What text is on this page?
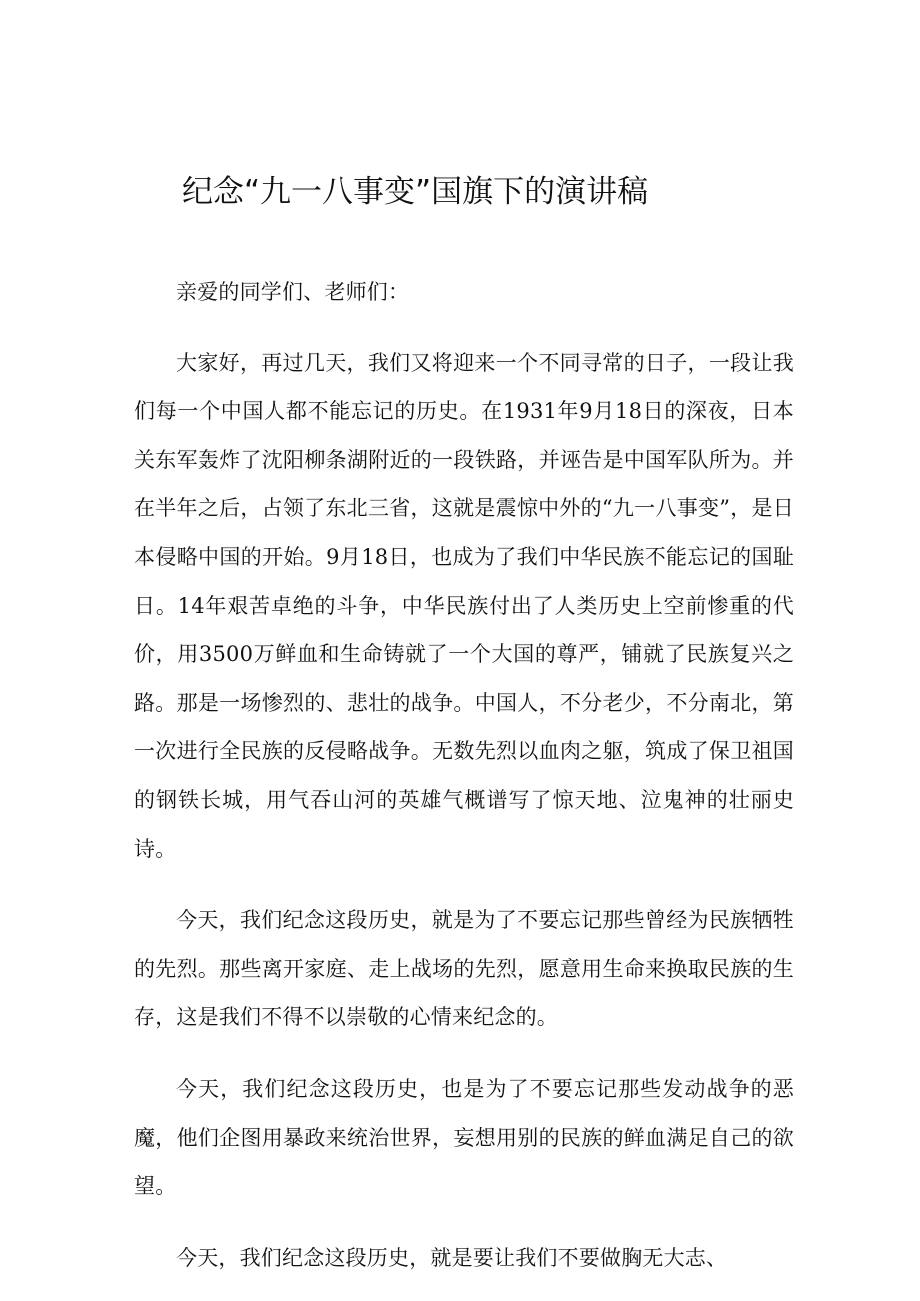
纪念“九一八事变”国旗下的演讲稿

亲爱的同学们、老师们：

大家好，再过几天，我们又将迎来一个不同寻常的日子，一段让我们每一个中国人都不能忘记的历史。在1931年9月18日的深夜，日本关东军轰炸了沈阳柳条湖附近的一段铁路，并诬告是中国军队所为。并在半年之后，占领了东北三省，这就是震惊中外的“九一八事变”，是日本侵略中国的开始。9月18日，也成为了我们中华民族不能忘记的国耻日。14年艰苦卓绝的斗争，中华民族付出了人类历史上空前惨重的代价，用3500万鲜血和生命铸就了一个大国的尊严，铺就了民族复兴之路。那是一场惨烈的、悲壮的战争。中国人，不分老少，不分南北，第一次进行全民族的反侵略战争。无数先烈以血肉之躯，筑成了保卫祖国的钢铁长城，用气吞山河的英雄气概谱写了惊天地、泣鬼神的壮丽史诗。

今天，我们纪念这段历史，就是为了不要忘记那些曾经为民族牺牲的先烈。那些离开家庭、走上战场的先烈，愿意用生命来换取民族的生存，这是我们不得不以崇敬的心情来纪念的。

今天，我们纪念这段历史，也是为了不要忘记那些发动战争的恶魔，他们企图用暴政来统治世界，妄想用别的民族的鲜血满足自己的欲望。

今天，我们纪念这段历史，就是要让我们不要做胸无大志、
